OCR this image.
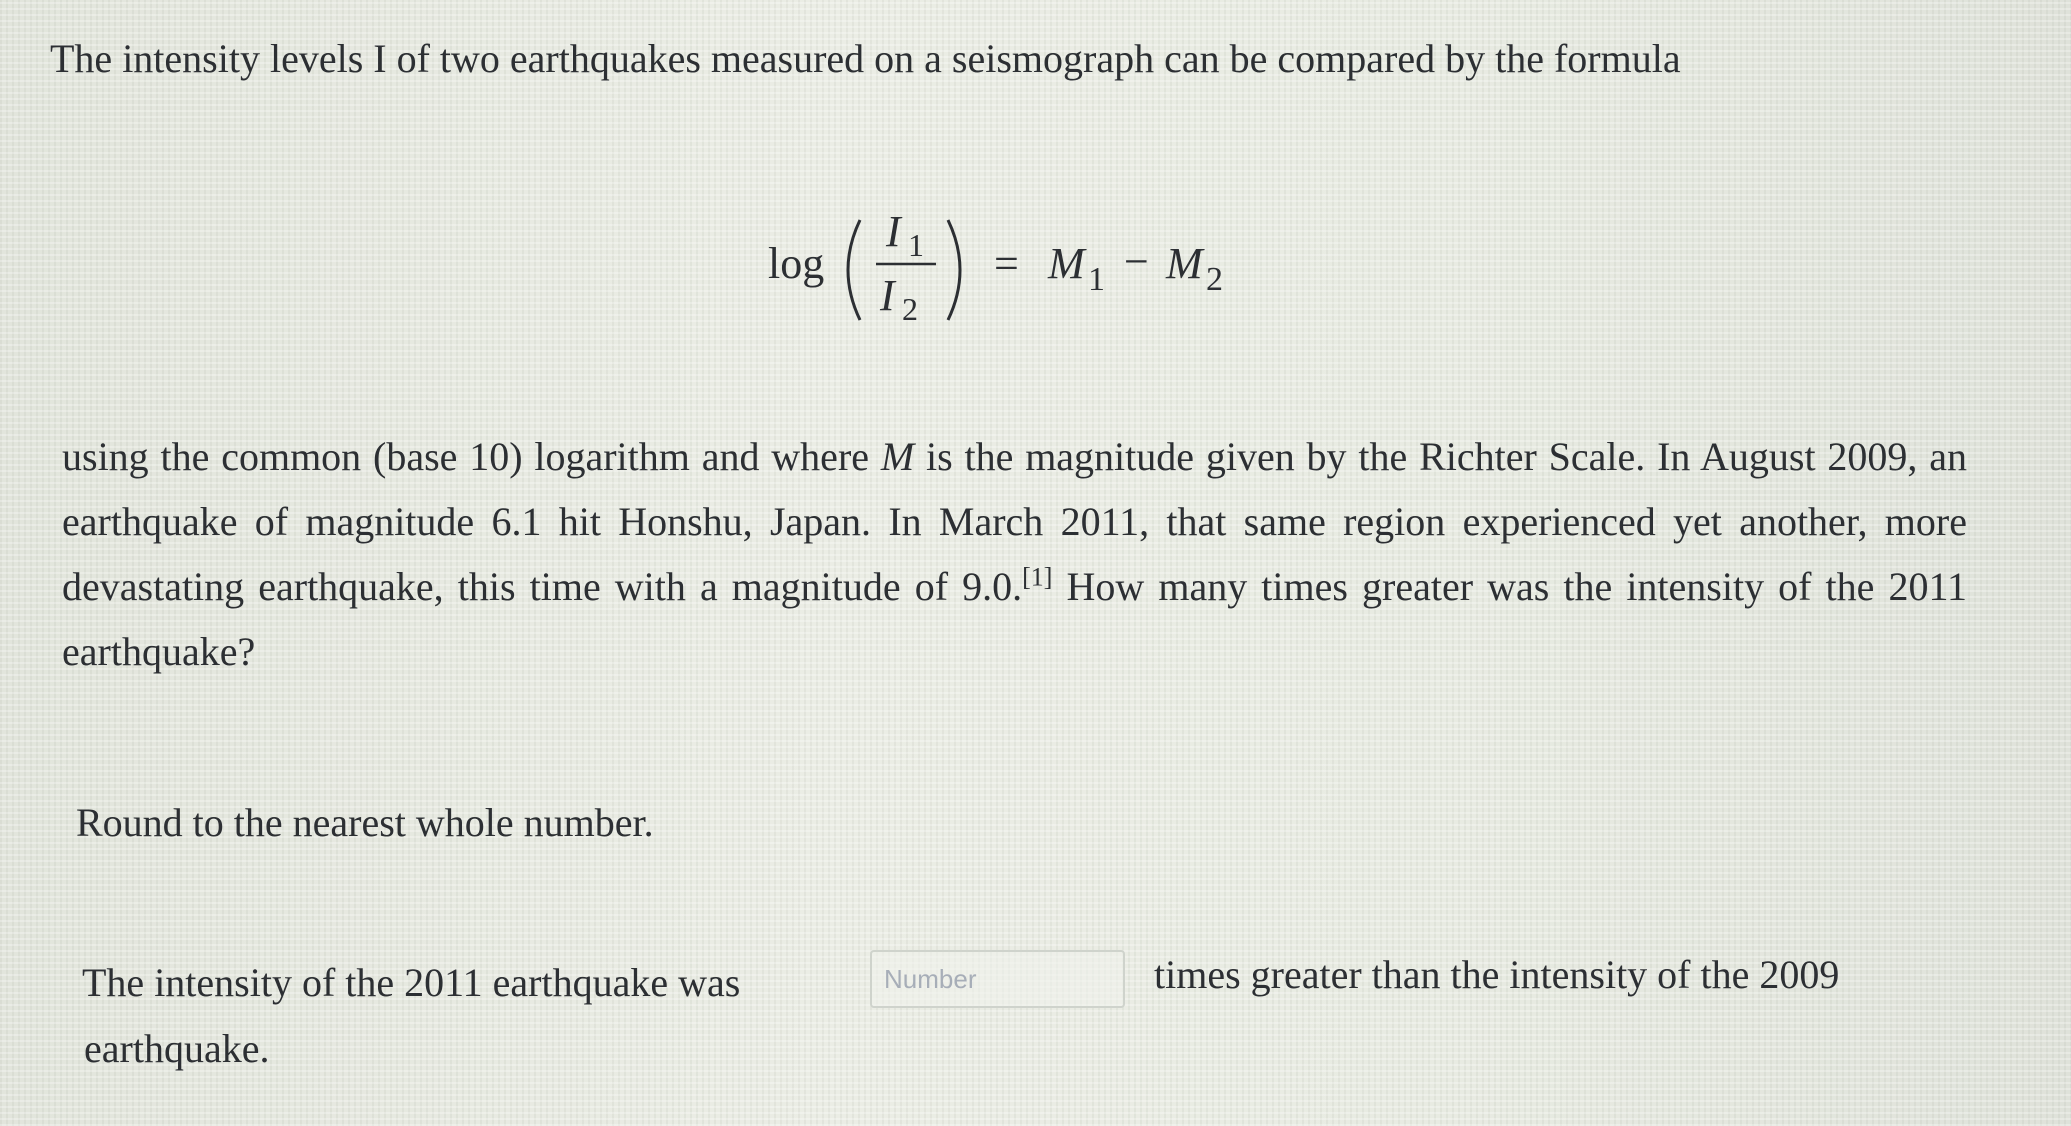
The intensity levels I of two earthquakes measured on a seismograph can be compared by the formula

log
I 1
I 2
= M 1 − M 2

using the common (base 10) logarithm and where M is the magnitude given by the Richter Scale. In August 2009, an earthquake of magnitude 6.1 hit Honshu, Japan. In March 2011, that same region experienced yet another, more devastating earthquake, this time with a magnitude of 9.0.[1] How many times greater was the intensity of the 2011 earthquake?

Round to the nearest whole number.

The intensity of the 2011 earthquake was
Number	times greater than the intensity of the 2009
earthquake.
